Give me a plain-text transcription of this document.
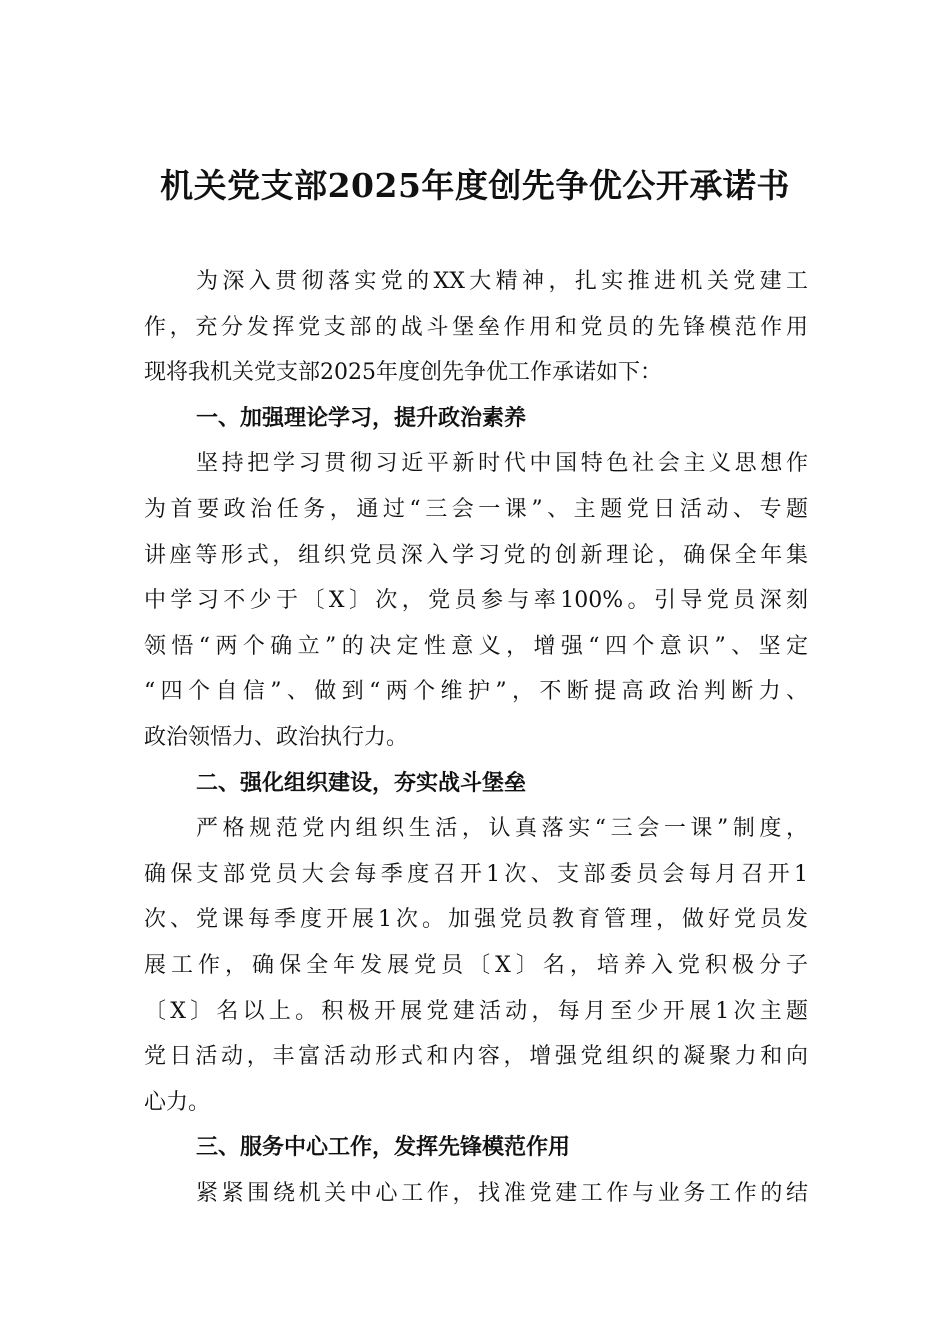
机关党支部2025年度创先争优公开承诺书
为深入贯彻落实党的XX大精神，扎实推进机关党建工
作，充分发挥党支部的战斗堡垒作用和党员的先锋模范作用
现将我机关党支部2025年度创先争优工作承诺如下：
一、加强理论学习，提升政治素养
坚持把学习贯彻习近平新时代中国特色社会主义思想作
为首要政治任务，通过“三会一课”、主题党日活动、专题
讲座等形式，组织党员深入学习党的创新理论，确保全年集
中学习不少于〔X〕次，党员参与率100%。引导党员深刻
领悟“两个确立”的决定性意义，增强“四个意识”、坚定
“四个自信”、做到“两个维护”，不断提高政治判断力、
政治领悟力、政治执行力。
二、强化组织建设，夯实战斗堡垒
严格规范党内组织生活，认真落实“三会一课”制度，
确保支部党员大会每季度召开1次、支部委员会每月召开1
次、党课每季度开展1次。加强党员教育管理，做好党员发
展工作，确保全年发展党员〔X〕名，培养入党积极分子
〔X〕名以上。积极开展党建活动，每月至少开展1次主题
党日活动，丰富活动形式和内容，增强党组织的凝聚力和向
心力。
三、服务中心工作，发挥先锋模范作用
紧紧围绕机关中心工作，找准党建工作与业务工作的结
